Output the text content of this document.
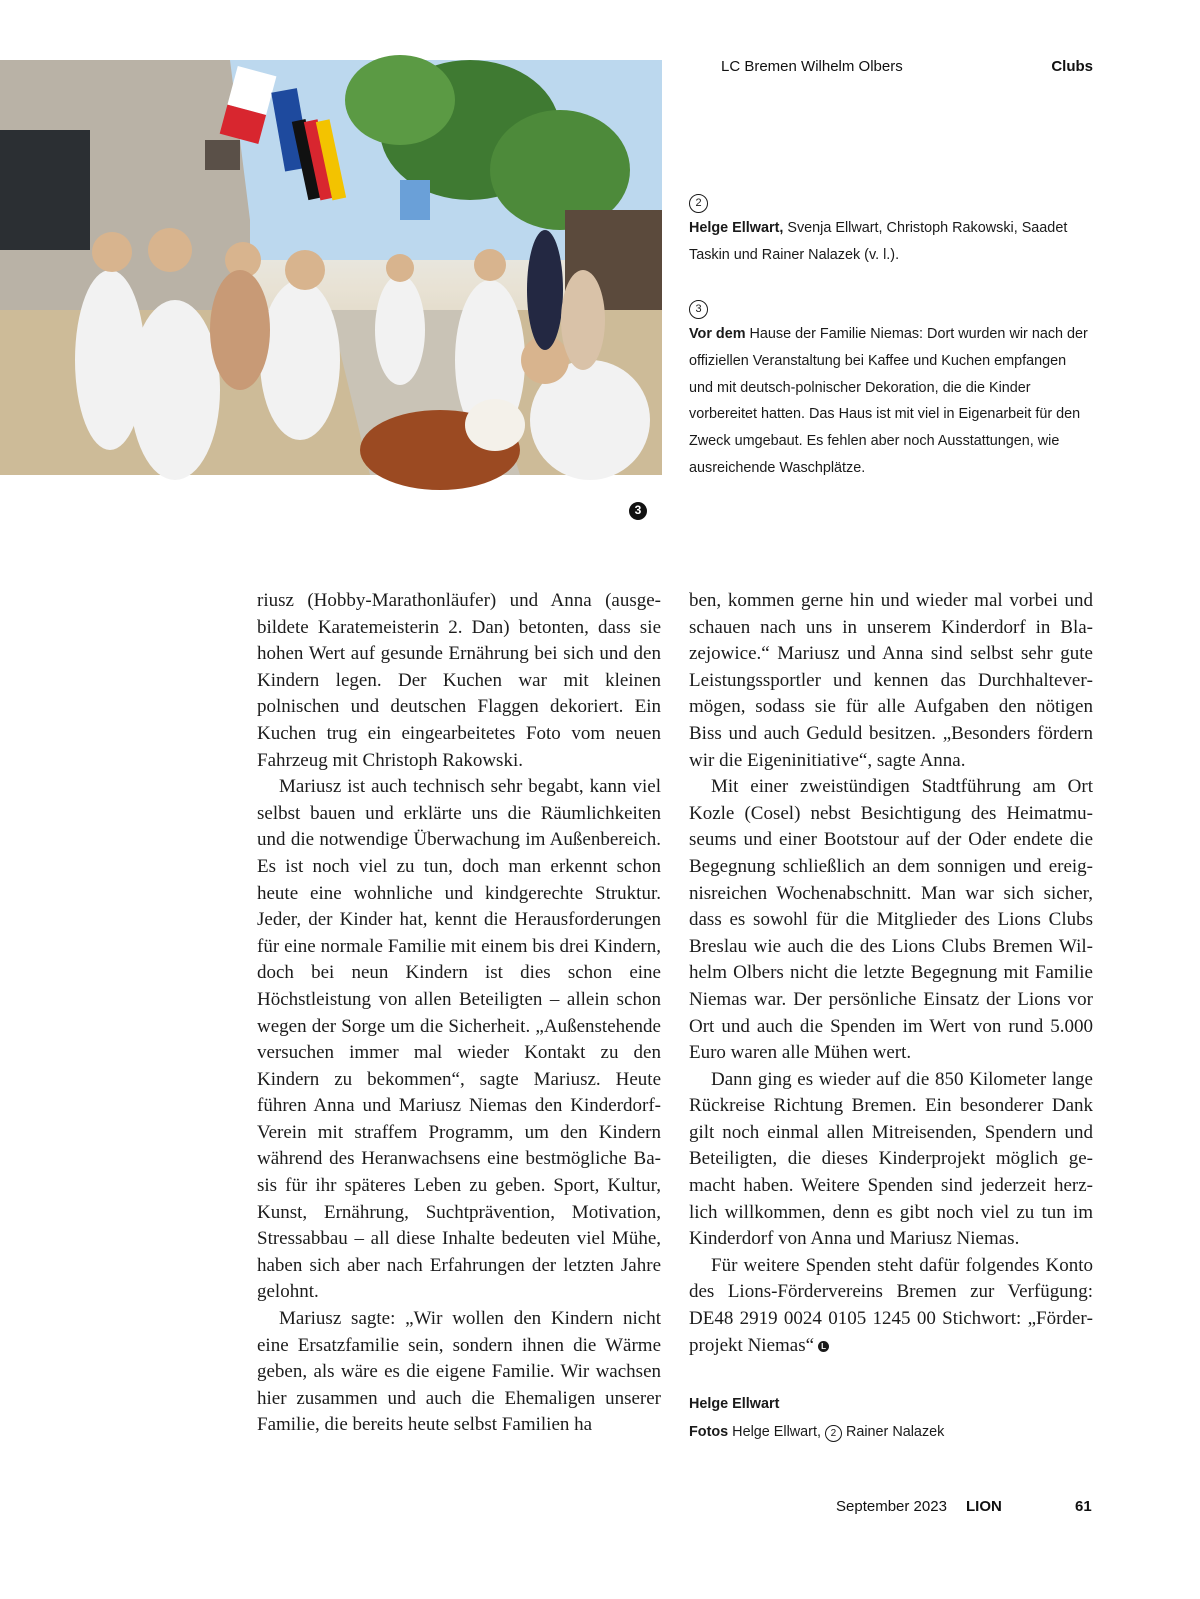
LC Bremen Wilhelm Olbers	Clubs
3
2
Helge Ellwart, Svenja Ellwart, Christoph Rakowski, Saadet Taskin und Rainer Nalazek (v. l.).
3
Vor dem Hause der Familie Niemas: Dort wurden wir nach der offiziellen Veranstaltung bei Kaffee und Kuchen empfangen und mit deutsch-polnischer Dekoration, die die Kinder vorbereitet hatten. Das Haus ist mit viel in Eigenarbeit für den Zweck umgebaut. Es fehlen aber noch Ausstattungen, wie ausreichende Waschplätze.

riusz (Hobby-Marathonläufer) und Anna (ausgebildete Karatemeisterin 2. Dan) betonten, dass sie hohen Wert auf gesunde Ernährung bei sich und den Kindern legen. Der Kuchen war mit kleinen polnischen und deutschen Flaggen dekoriert. Ein Kuchen trug ein eingearbeitetes Foto vom neuen Fahrzeug mit Christoph Rakowski.

Mariusz ist auch technisch sehr begabt, kann viel selbst bauen und erklärte uns die Räumlichkeiten und die notwendige Überwachung im Außenbereich. Es ist noch viel zu tun, doch man erkennt schon heute eine wohnliche und kindgerechte Struktur. Jeder, der Kinder hat, kennt die Herausforderungen für eine normale Familie mit einem bis drei Kindern, doch bei neun Kindern ist dies schon eine Höchstleistung von allen Beteiligten – allein schon wegen der Sorge um die Sicherheit. „Außenstehende versuchen immer mal wieder Kontakt zu den Kindern zu bekommen“, sagte Mariusz. Heute führen Anna und Mariusz Niemas den Kinderdorf-Verein mit straffem Programm, um den Kindern während des Heranwachsens eine bestmögliche Basis für ihr späteres Leben zu geben. Sport, Kultur, Kunst, Ernährung, Suchtprävention, Motivation, Stressabbau – all diese Inhalte bedeuten viel Mühe, haben sich aber nach Erfahrungen der letzten Jahre gelohnt.

Mariusz sagte: „Wir wollen den Kindern nicht eine Ersatzfamilie sein, sondern ihnen die Wärme geben, als wäre es die eigene Familie. Wir wachsen hier zusammen und auch die Ehemaligen unserer Familie, die bereits heute selbst Familien ha

ben, kommen gerne hin und wieder mal vorbei und schauen nach uns in unserem Kinderdorf in Blazejowice.“ Mariusz und Anna sind selbst sehr gute Leistungssportler und kennen das Durchhaltevermögen, sodass sie für alle Aufgaben den nötigen Biss und auch Geduld besitzen. „Besonders fördern wir die Eigeninitiative“, sagte Anna.

Mit einer zweistündigen Stadtführung am Ort Kozle (Cosel) nebst Besichtigung des Heimatmuseums und einer Bootstour auf der Oder endete die Begegnung schließlich an dem sonnigen und ereignisreichen Wochenabschnitt. Man war sich sicher, dass es sowohl für die Mitglieder des Lions Clubs Breslau wie auch die des Lions Clubs Bremen Wilhelm Olbers nicht die letzte Begegnung mit Familie Niemas war. Der persönliche Einsatz der Lions vor Ort und auch die Spenden im Wert von rund 5.000 Euro waren alle Mühen wert.

Dann ging es wieder auf die 850 Kilometer lange Rückreise Richtung Bremen. Ein besonderer Dank gilt noch einmal allen Mitreisenden, Spendern und Beteiligten, die dieses Kinderprojekt möglich gemacht haben. Weitere Spenden sind jederzeit herzlich willkommen, denn es gibt noch viel zu tun im Kinderdorf von Anna und Mariusz Niemas.

Für weitere Spenden steht dafür folgendes Konto des Lions-Fördervereins Bremen zur Verfügung: DE48 2919 0024 0105 1245 00 Stichwort: „Förderprojekt Niemas“ L

Helge Ellwart
Fotos Helge Ellwart, 2 Rainer Nalazek
September 2023 LION	61
